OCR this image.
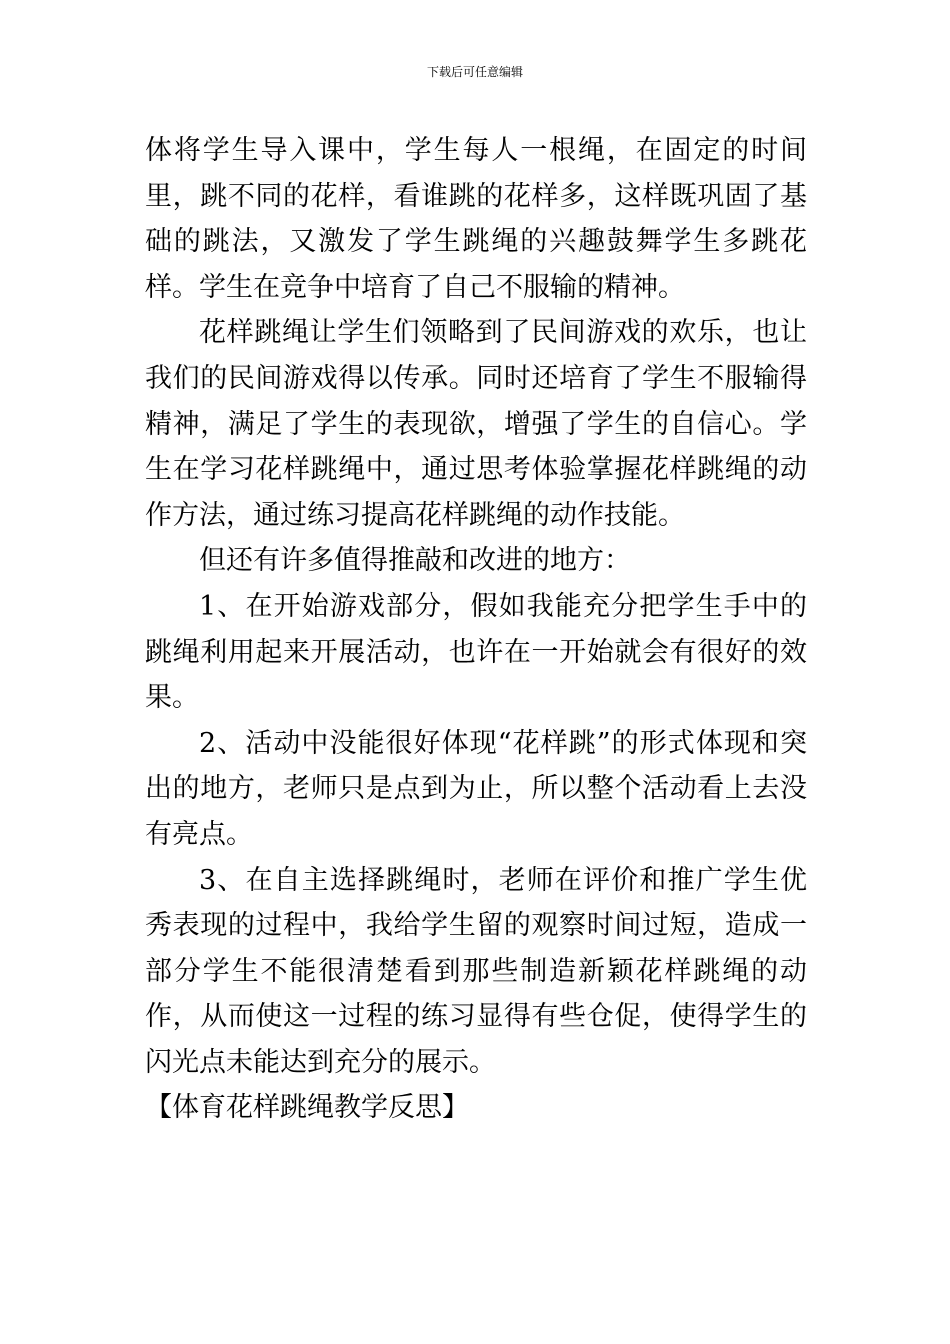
下载后可任意编辑

体将学生导入课中，学生每人一根绳，在固定的时间里，跳不同的花样，看谁跳的花样多，这样既巩固了基础的跳法，又激发了学生跳绳的兴趣鼓舞学生多跳花样。学生在竞争中培育了自己不服输的精神。

花样跳绳让学生们领略到了民间游戏的欢乐，也让我们的民间游戏得以传承。同时还培育了学生不服输得精神，满足了学生的表现欲，增强了学生的自信心。学生在学习花样跳绳中，通过思考体验掌握花样跳绳的动作方法，通过练习提高花样跳绳的动作技能。

但还有许多值得推敲和改进的地方：

1、在开始游戏部分，假如我能充分把学生手中的跳绳利用起来开展活动，也许在一开始就会有很好的效果。

2、活动中没能很好体现“花样跳”的形式体现和突出的地方，老师只是点到为止，所以整个活动看上去没有亮点。

3、在自主选择跳绳时，老师在评价和推广学生优秀表现的过程中，我给学生留的观察时间过短，造成一部分学生不能很清楚看到那些制造新颖花样跳绳的动作，从而使这一过程的练习显得有些仓促，使得学生的闪光点未能达到充分的展示。

【体育花样跳绳教学反思】
